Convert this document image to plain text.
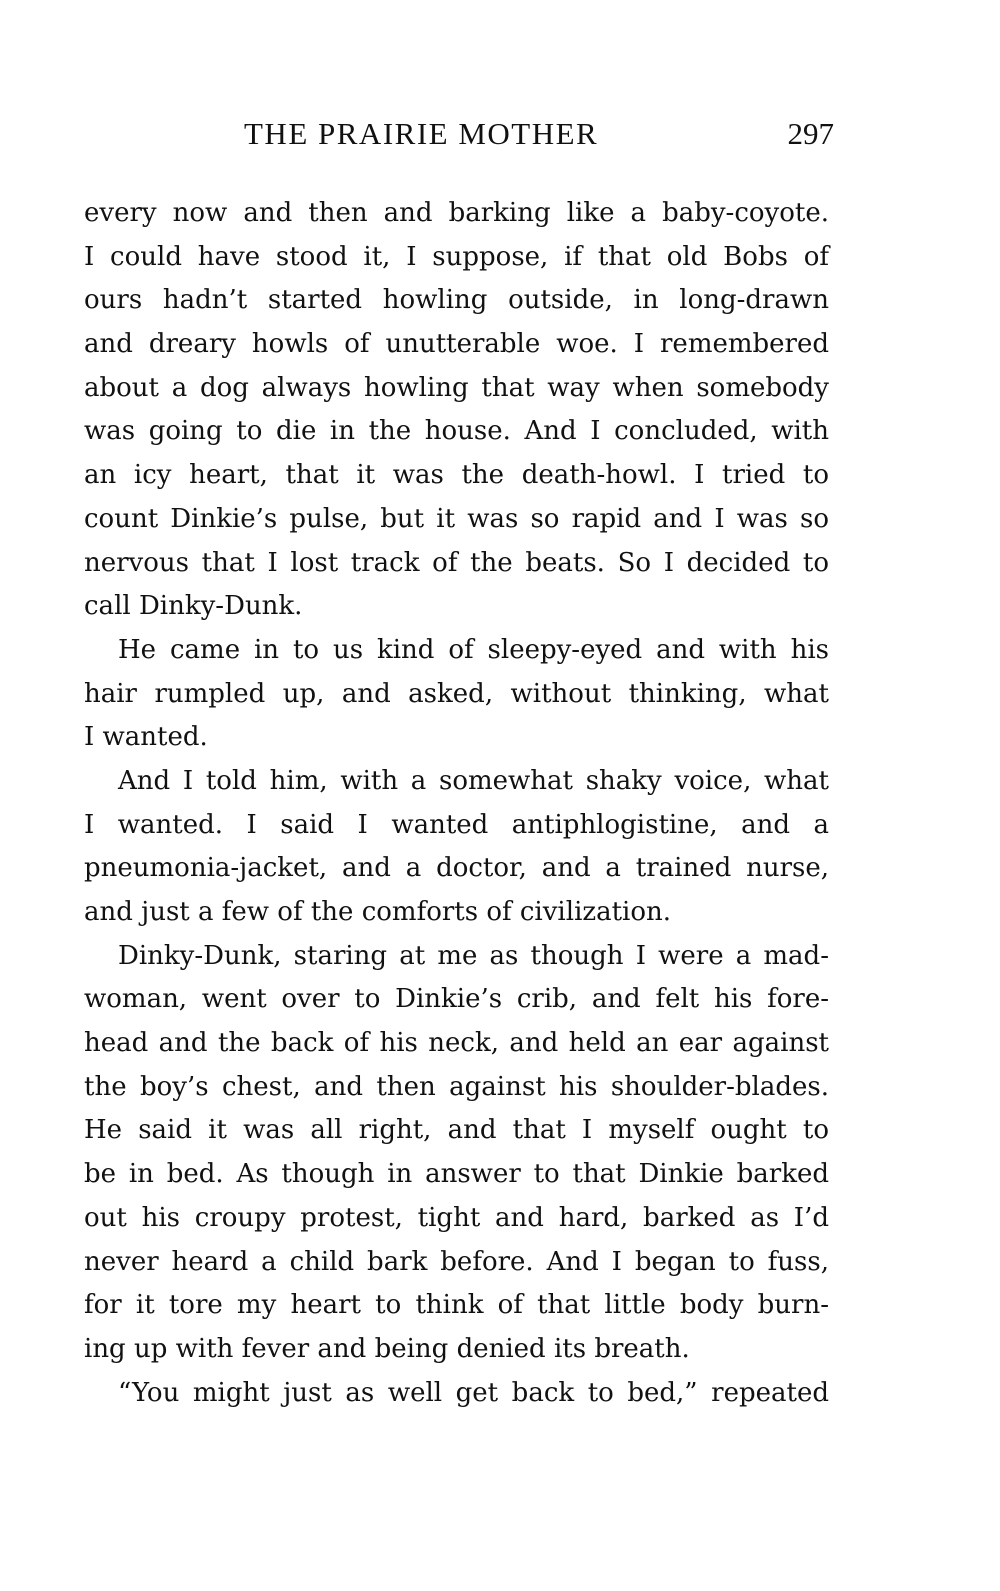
THE PRAIRIE MOTHER	297
every now and then and barking like a baby-coyote.
I could have stood it, I suppose, if that old Bobs of
ours hadn’t started howling outside, in long-drawn
and dreary howls of unutterable woe. I remembered
about a dog always howling that way when somebody
was going to die in the house. And I concluded, with
an icy heart, that it was the death-howl. I tried to
count Dinkie’s pulse, but it was so rapid and I was so
nervous that I lost track of the beats. So I decided to
call Dinky-Dunk.
He came in to us kind of sleepy-eyed and with his
hair rumpled up, and asked, without thinking, what
I wanted.
And I told him, with a somewhat shaky voice, what
I wanted. I said I wanted antiphlogistine, and a
pneumonia-jacket, and a doctor, and a trained nurse,
and just a few of the comforts of civilization.
Dinky-Dunk, staring at me as though I were a mad-
woman, went over to Dinkie’s crib, and felt his fore-
head and the back of his neck, and held an ear against
the boy’s chest, and then against his shoulder-blades.
He said it was all right, and that I myself ought to
be in bed. As though in answer to that Dinkie barked
out his croupy protest, tight and hard, barked as I’d
never heard a child bark before. And I began to fuss,
for it tore my heart to think of that little body burn-
ing up with fever and being denied its breath.
“You might just as well get back to bed,” repeated
